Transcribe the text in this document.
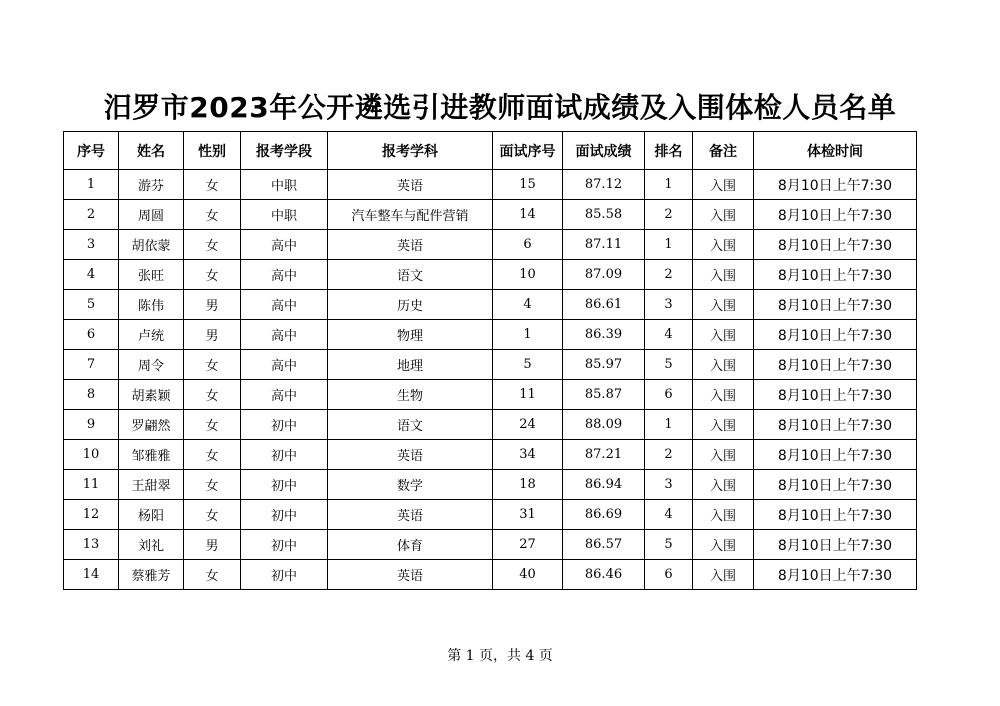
汨罗市2023年公开遴选引进教师面试成绩及入围体检人员名单
序号	姓名	性别	报考学段	报考学科	面试序号	面试成绩	排名	备注	体检时间
1	游芬	女	中职	英语	15	87.12	1	入围	8月10日上午7:30
2	周圆	女	中职	汽车整车与配件营销	14	85.58	2	入围	8月10日上午7:30
3	胡依蒙	女	高中	英语	6	87.11	1	入围	8月10日上午7:30
4	张旺	女	高中	语文	10	87.09	2	入围	8月10日上午7:30
5	陈伟	男	高中	历史	4	86.61	3	入围	8月10日上午7:30
6	卢统	男	高中	物理	1	86.39	4	入围	8月10日上午7:30
7	周令	女	高中	地理	5	85.97	5	入围	8月10日上午7:30
8	胡素颖	女	高中	生物	11	85.87	6	入围	8月10日上午7:30
9	罗翩然	女	初中	语文	24	88.09	1	入围	8月10日上午7:30
10	邹雅雅	女	初中	英语	34	87.21	2	入围	8月10日上午7:30
11	王甜翠	女	初中	数学	18	86.94	3	入围	8月10日上午7:30
12	杨阳	女	初中	英语	31	86.69	4	入围	8月10日上午7:30
13	刘礼	男	初中	体育	27	86.57	5	入围	8月10日上午7:30
14	蔡雅芳	女	初中	英语	40	86.46	6	入围	8月10日上午7:30
第 1 页，共 4 页
